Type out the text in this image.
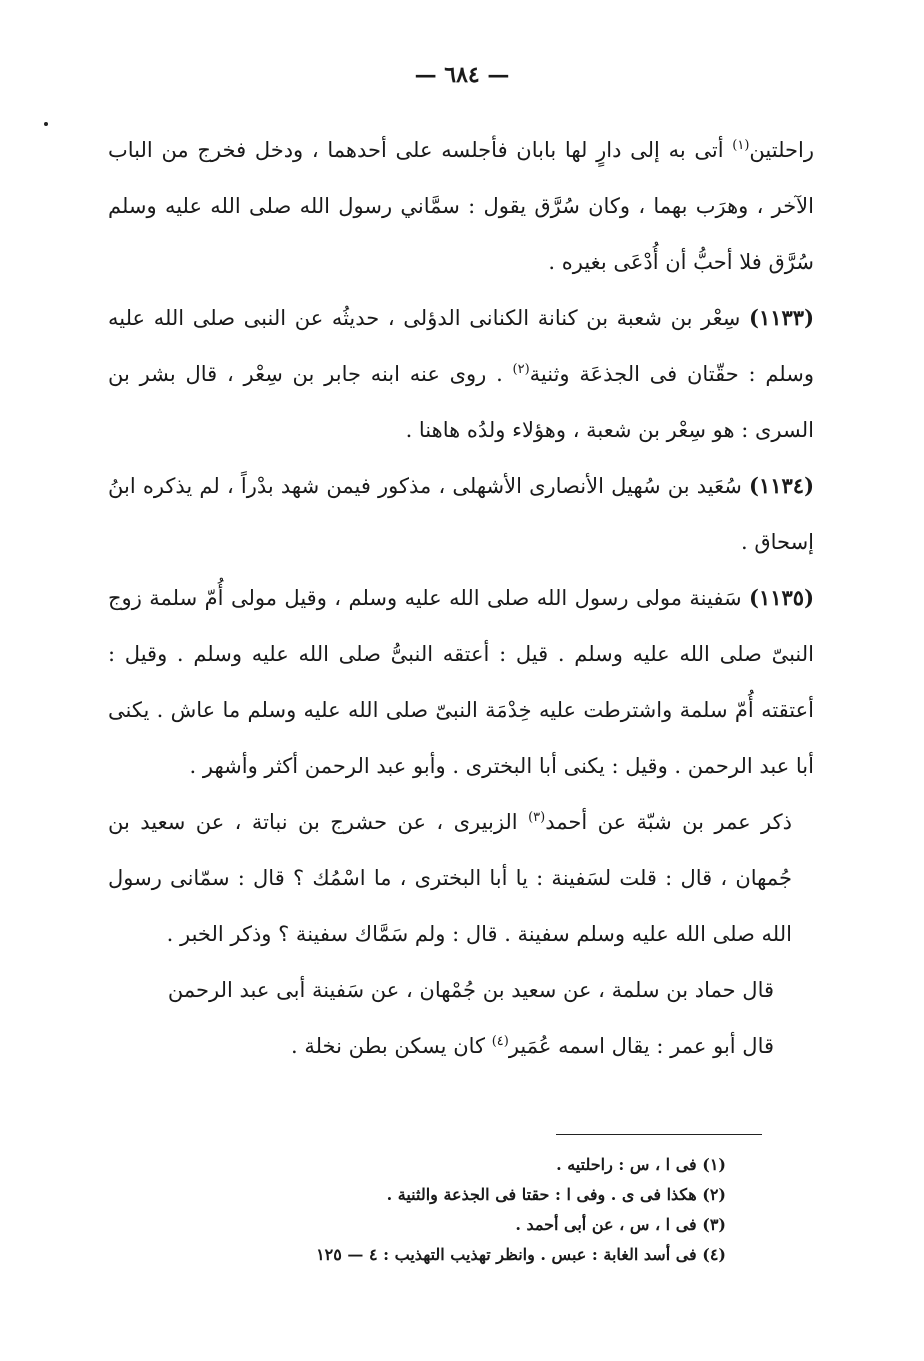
— ٦٨٤ —

راحلتين$^{(١)}$ أتى به إلى دارٍ لها بابان فأجلسه على أحدهما ، ودخل فخرج من الباب الآخر ، وهرَب بهما ، وكان سُرَّق يقول : سمَّاني رسول الله صلى الله عليه وسلم سُرَّق فلا أحبُّ أن أُدْعَى بغيره .

(١١٣٣) سِعْر بن شعبة بن كنانة الكنانى الدؤلى ، حديثُه عن النبى صلى الله عليه وسلم : حقّتان فى الجذعَة وثنية$^{(٢)}$ . روى عنه ابنه جابر بن سِعْر ، قال بشر بن السرى : هو سِعْر بن شعبة ، وهؤلاء ولدُه هاهنا .

(١١٣٤) سُعَيد بن سُهيل الأنصارى الأشهلى ، مذكور فيمن شهد بدْراً ، لم يذكره ابنُ إسحاق .

(١١٣٥) سَفينة مولى رسول الله صلى الله عليه وسلم ، وقيل مولى أُمّ سلمة زوج النبىّ صلى الله عليه وسلم . قيل : أعتقه النبىُّ صلى الله عليه وسلم . وقيل : أعتقته أُمّ سلمة واشترطت عليه خِدْمَة النبىّ صلى الله عليه وسلم ما عاش . يكنى أبا عبد الرحمن . وقيل : يكنى أبا البخترى . وأبو عبد الرحمن أكثر وأشهر .

ذكر عمر بن شبّة عن أحمد$^{(٣)}$ الزبيرى ، عن حشرج بن نباتة ، عن سعيد بن جُمهان ، قال : قلت لسَفينة : يا أبا البخترى ، ما اسْمُك ؟ قال : سمّانى رسول الله صلى الله عليه وسلم سفينة . قال : ولم سَمَّاك سفينة ؟ وذكر الخبر .

قال حماد بن سلمة ، عن سعيد بن جُمْهان ، عن سَفينة أبى عبد الرحمن

قال أبو عمر : يقال اسمه عُمَير$^{(٤)}$ كان يسكن بطن نخلة .

(١) فى ا ، س : راحلتيه .

(٢) هكذا فى ى . وفى ا : حقتا فى الجذعة والثنية .

(٣) فى ا ، س ، عن أبى أحمد .

(٤) فى أسد الغابة : عبس . وانظر تهذيب التهذيب : ٤ — ١٢٥
